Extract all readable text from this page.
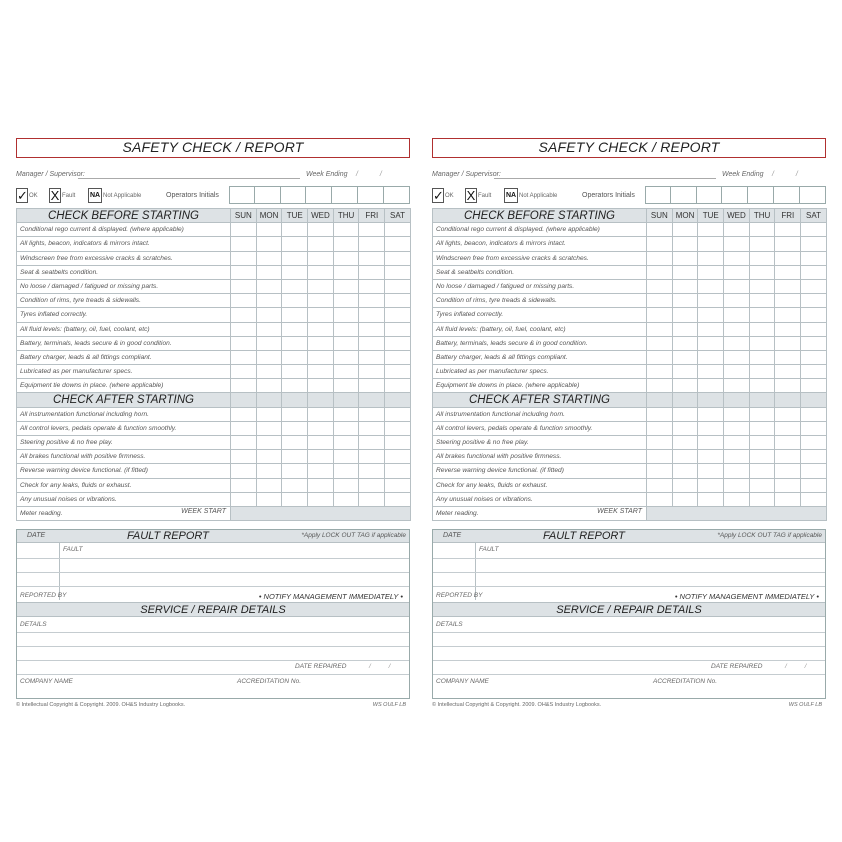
SAFETY CHECK / REPORT
Manager / Supervisor:	Week Ending / /
✓ OK X Fault NA Not Applicable	Operators Initials
CHECK BEFORE STARTING	SUN	MON	TUE	WED	THU	FRI	SAT
Conditional rego current & displayed. (where applicable)							
All lights, beacon, indicators & mirrors intact.							
Windscreen free from excessive cracks & scratches.							
Seat & seatbelts condition.							
No loose / damaged / fatigued or missing parts.							
Condition of rims, tyre treads & sidewalls.							
Tyres inflated correctly.							
All fluid levels: (battery, oil, fuel, coolant, etc)							
Battery, terminals, leads secure & in good condition.							
Battery charger, leads & all fittings compliant.							
Lubricated as per manufacturer specs.							
Equipment tie downs in place. (where applicable)							
CHECK AFTER STARTING							
All instrumentation functional including horn.							
All control levers, pedals operate & function smoothly.							
Steering positive & no free play.							
All brakes functional with positive firmness.							
Reverse warning device functional. (if fitted)							
Check for any leaks, fluids or exhaust.							
Any unusual noises or vibrations.							
Meter reading. WEEK START							

DATE	FAULT REPORT	*Apply LOCK OUT TAG if applicable
FAULT
REPORTED BY	• NOTIFY MANAGEMENT IMMEDIATELY •
SERVICE / REPAIR DETAILS
DETAILS
DATE REPAIRED	/ /
COMPANY NAME	ACCREDITATION No.
© Intellectual Copyright & Copyright. 2009. OH&S Industry Logbooks.	WS OULF LB
SAFETY CHECK / REPORT
Manager / Supervisor:	Week Ending / /
✓ OK X Fault NA Not Applicable	Operators Initials
CHECK BEFORE STARTING	SUN	MON	TUE	WED	THU	FRI	SAT
Conditional rego current & displayed. (where applicable)							
All lights, beacon, indicators & mirrors intact.							
Windscreen free from excessive cracks & scratches.							
Seat & seatbelts condition.							
No loose / damaged / fatigued or missing parts.							
Condition of rims, tyre treads & sidewalls.							
Tyres inflated correctly.							
All fluid levels: (battery, oil, fuel, coolant, etc)							
Battery, terminals, leads secure & in good condition.							
Battery charger, leads & all fittings compliant.							
Lubricated as per manufacturer specs.							
Equipment tie downs in place. (where applicable)							
CHECK AFTER STARTING							
All instrumentation functional including horn.							
All control levers, pedals operate & function smoothly.							
Steering positive & no free play.							
All brakes functional with positive firmness.							
Reverse warning device functional. (if fitted)							
Check for any leaks, fluids or exhaust.							
Any unusual noises or vibrations.							
Meter reading. WEEK START							

DATE	FAULT REPORT	*Apply LOCK OUT TAG if applicable
FAULT
REPORTED BY	• NOTIFY MANAGEMENT IMMEDIATELY •
SERVICE / REPAIR DETAILS
DETAILS
DATE REPAIRED	/ /
COMPANY NAME	ACCREDITATION No.
© Intellectual Copyright & Copyright. 2009. OH&S Industry Logbooks.	WS OULF LB
